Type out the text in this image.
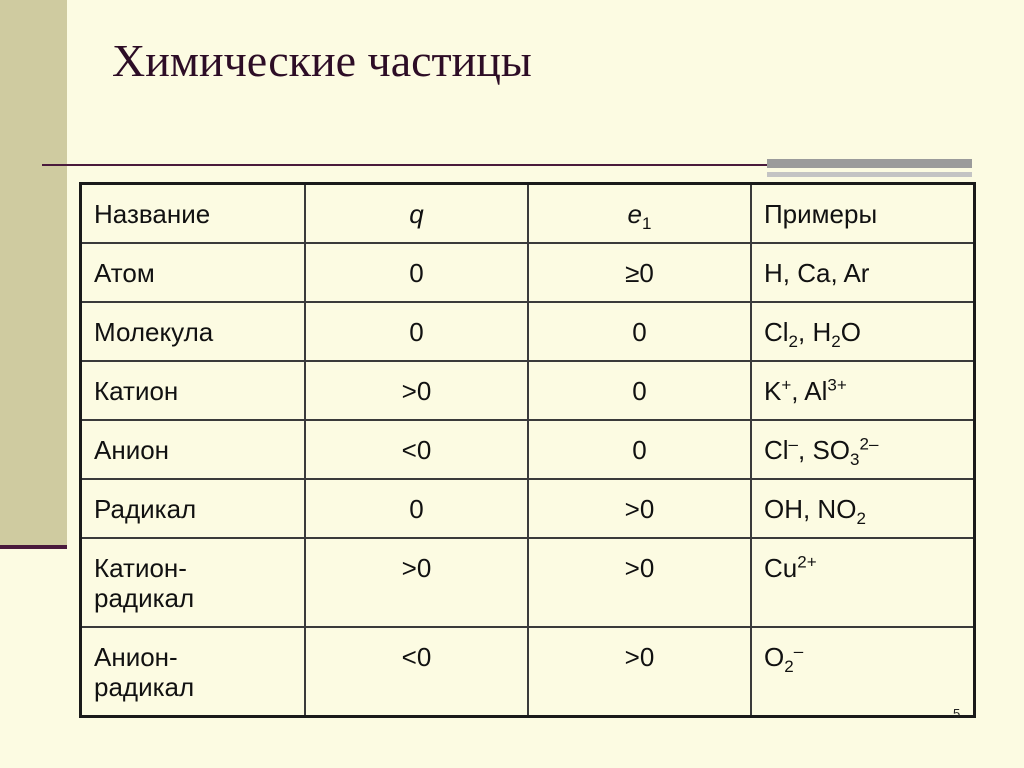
Химические частицы
Название	q	$e_1$	Примеры
Атом	0	≥0	H, Ca, Ar
Молекула	0	0	$Cl_2$, $H_2O$
Катион	>0	0	K+, $Al^{3+}$
Анион	<0	0	Cl–, $SO_3^{2-}$
Радикал	0	>0	OH, $NO_2$
Катион-
радикал	>0	>0	$Cu^{2+}$
Анион-
радикал	<0	>0	$O_2^-$
5
